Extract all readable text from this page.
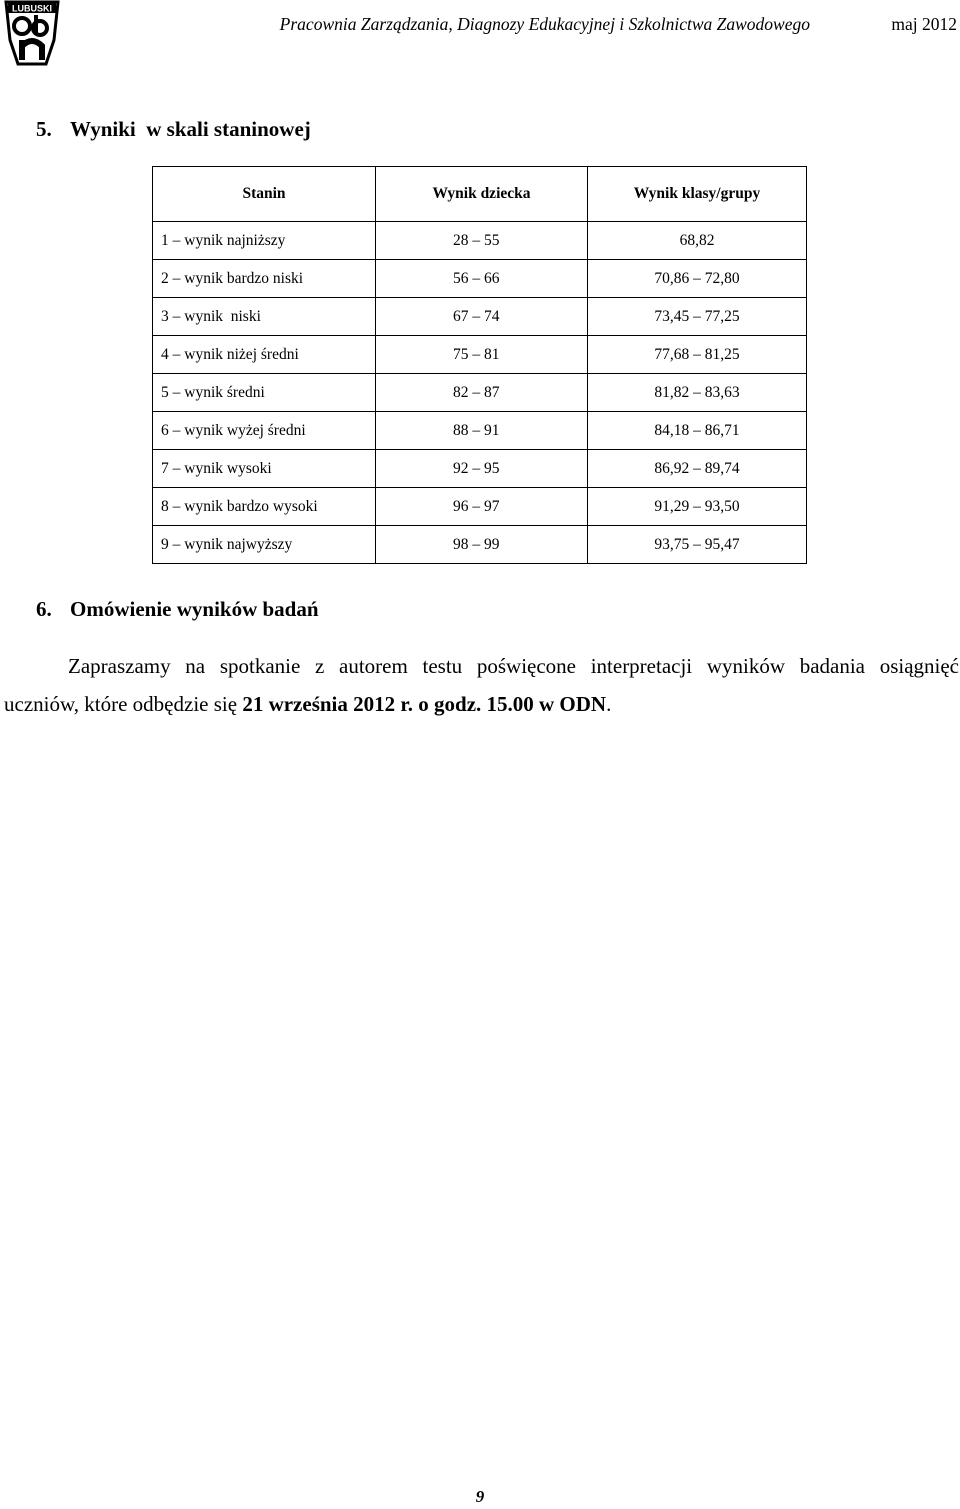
LUBUSKI
Pracownia Zarządzania, Diagnozy Edukacyjnej i Szkolnictwa Zawodowego	maj 2012
5. Wyniki  w skali staninowej
Stanin	Wynik dziecka	Wynik klasy/grupy
1 – wynik najniższy	28 – 55	68,82
2 – wynik bardzo niski	56 – 66	70,86 – 72,80
3 – wynik  niski	67 – 74	73,45 – 77,25
4 – wynik niżej średni	75 – 81	77,68 – 81,25
5 – wynik średni	82 – 87	81,82 – 83,63
6 – wynik wyżej średni	88 – 91	84,18 – 86,71
7 – wynik wysoki	92 – 95	86,92 – 89,74
8 – wynik bardzo wysoki	96 – 97	91,29 – 93,50
9 – wynik najwyższy	98 – 99	93,75 – 95,47
6. Omówienie wyników badań
Zapraszamy na spotkanie z autorem testu poświęcone interpretacji wyników badania osiągnięć
uczniów, które odbędzie się 21 września 2012 r. o godz. 15.00 w ODN.
9
